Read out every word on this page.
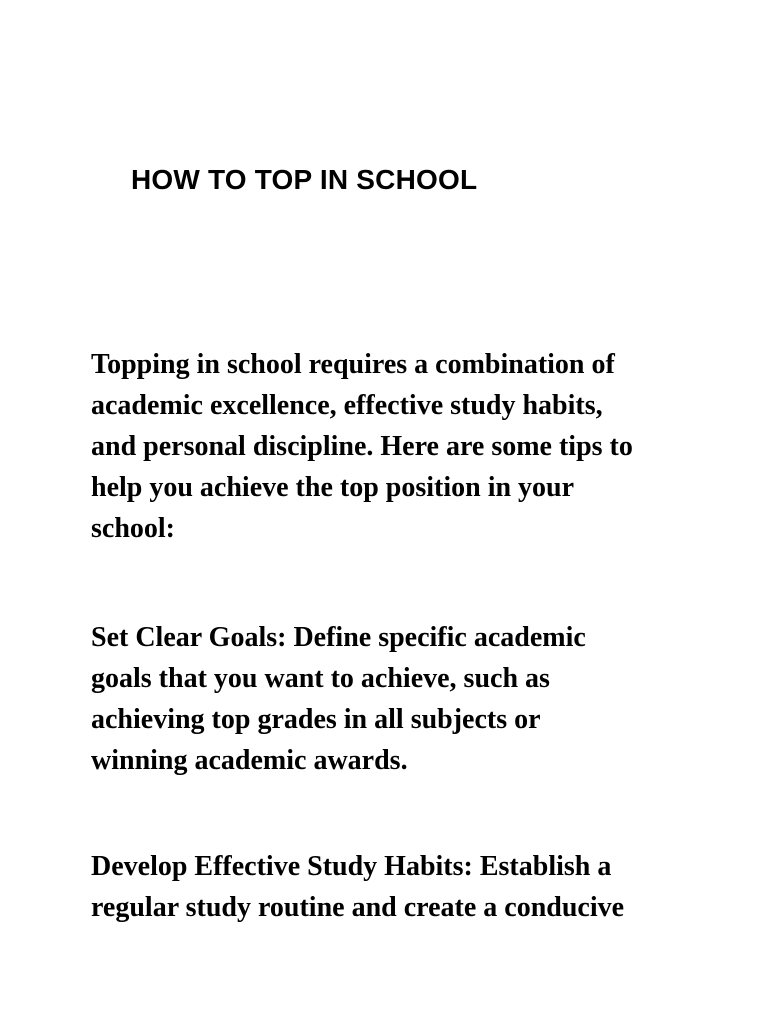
HOW TO TOP IN SCHOOL

Topping in school requires a combination of
academic excellence, effective study habits,
and personal discipline. Here are some tips to
help you achieve the top position in your
school:

Set Clear Goals: Define specific academic
goals that you want to achieve, such as
achieving top grades in all subjects or
winning academic awards.

Develop Effective Study Habits: Establish a
regular study routine and create a conducive
